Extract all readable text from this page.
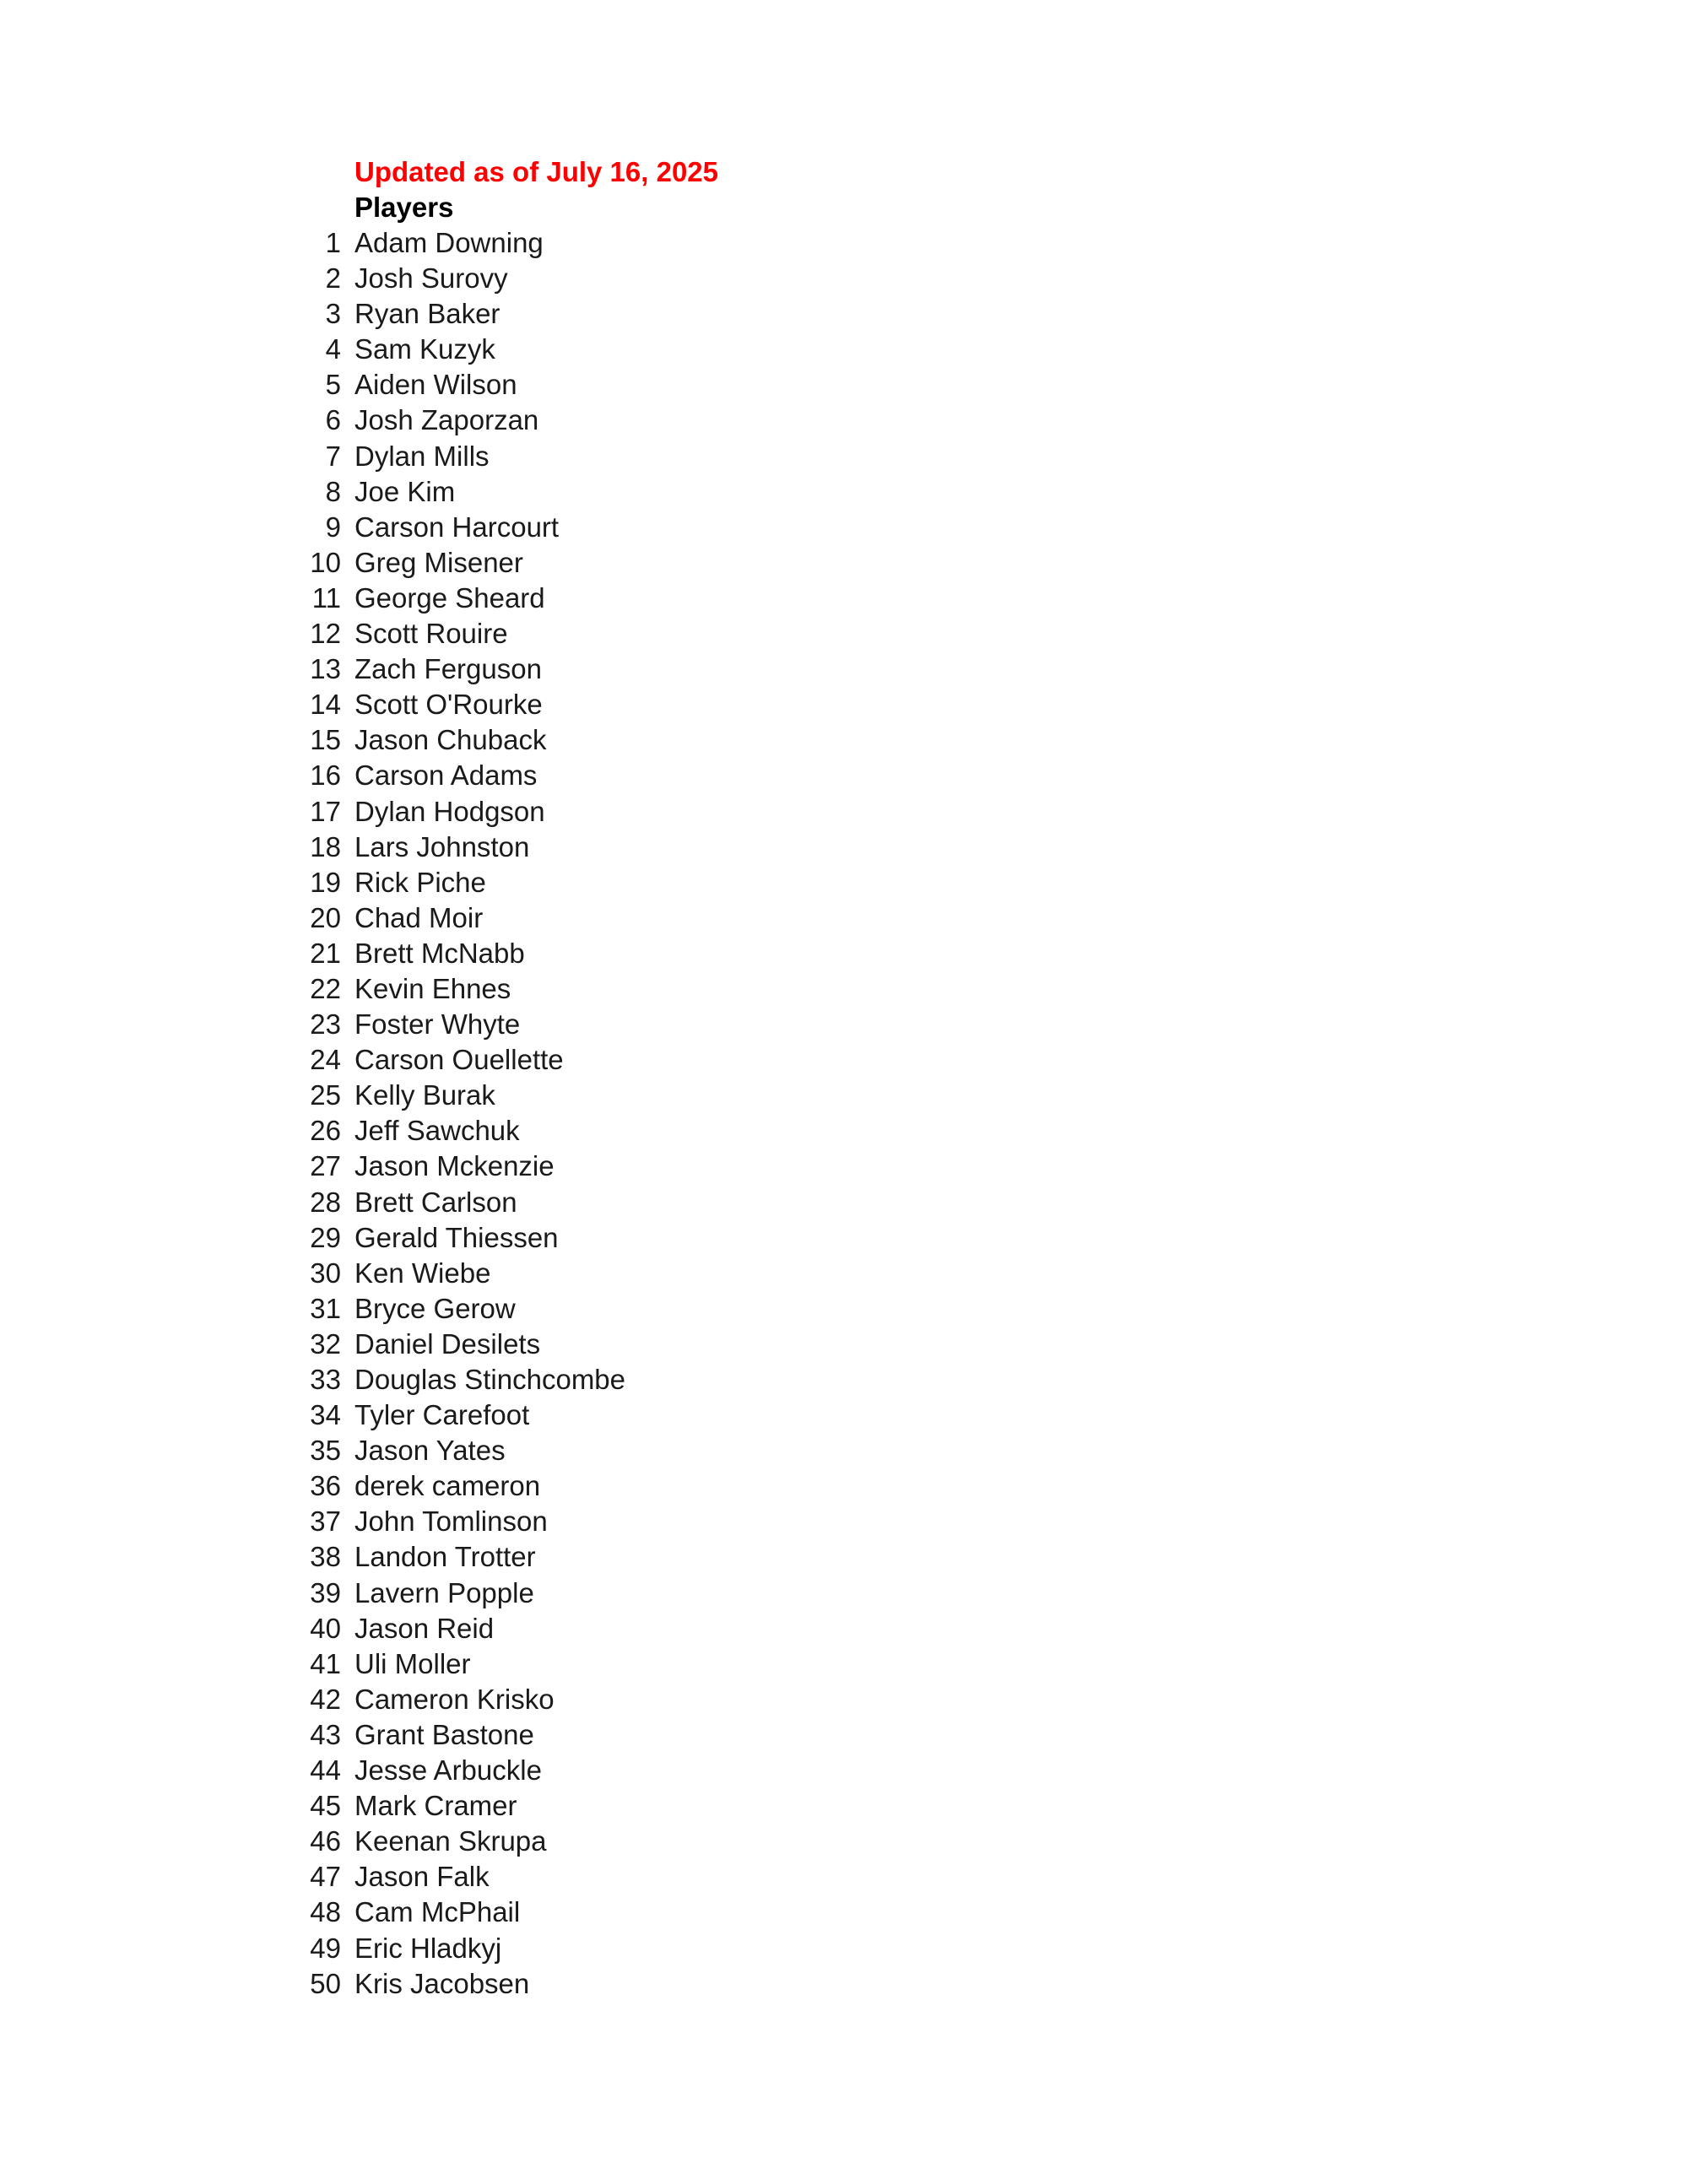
Updated as of July 16, 2025
Players
1 Adam Downing
2 Josh Surovy
3 Ryan Baker
4 Sam Kuzyk
5 Aiden Wilson
6 Josh Zaporzan
7 Dylan Mills
8 Joe Kim
9 Carson Harcourt
10 Greg Misener
11 George Sheard
12 Scott Rouire
13 Zach Ferguson
14 Scott O'Rourke
15 Jason Chuback
16 Carson Adams
17 Dylan Hodgson
18 Lars Johnston
19 Rick Piche
20 Chad Moir
21 Brett McNabb
22 Kevin Ehnes
23 Foster Whyte
24 Carson Ouellette
25 Kelly Burak
26 Jeff Sawchuk
27 Jason Mckenzie
28 Brett Carlson
29 Gerald Thiessen
30 Ken Wiebe
31 Bryce Gerow
32 Daniel Desilets
33 Douglas Stinchcombe
34 Tyler Carefoot
35 Jason Yates
36 derek cameron
37 John Tomlinson
38 Landon Trotter
39 Lavern Popple
40 Jason Reid
41 Uli Moller
42 Cameron Krisko
43 Grant Bastone
44 Jesse Arbuckle
45 Mark Cramer
46 Keenan Skrupa
47 Jason Falk
48 Cam McPhail
49 Eric Hladkyj
50 Kris Jacobsen
